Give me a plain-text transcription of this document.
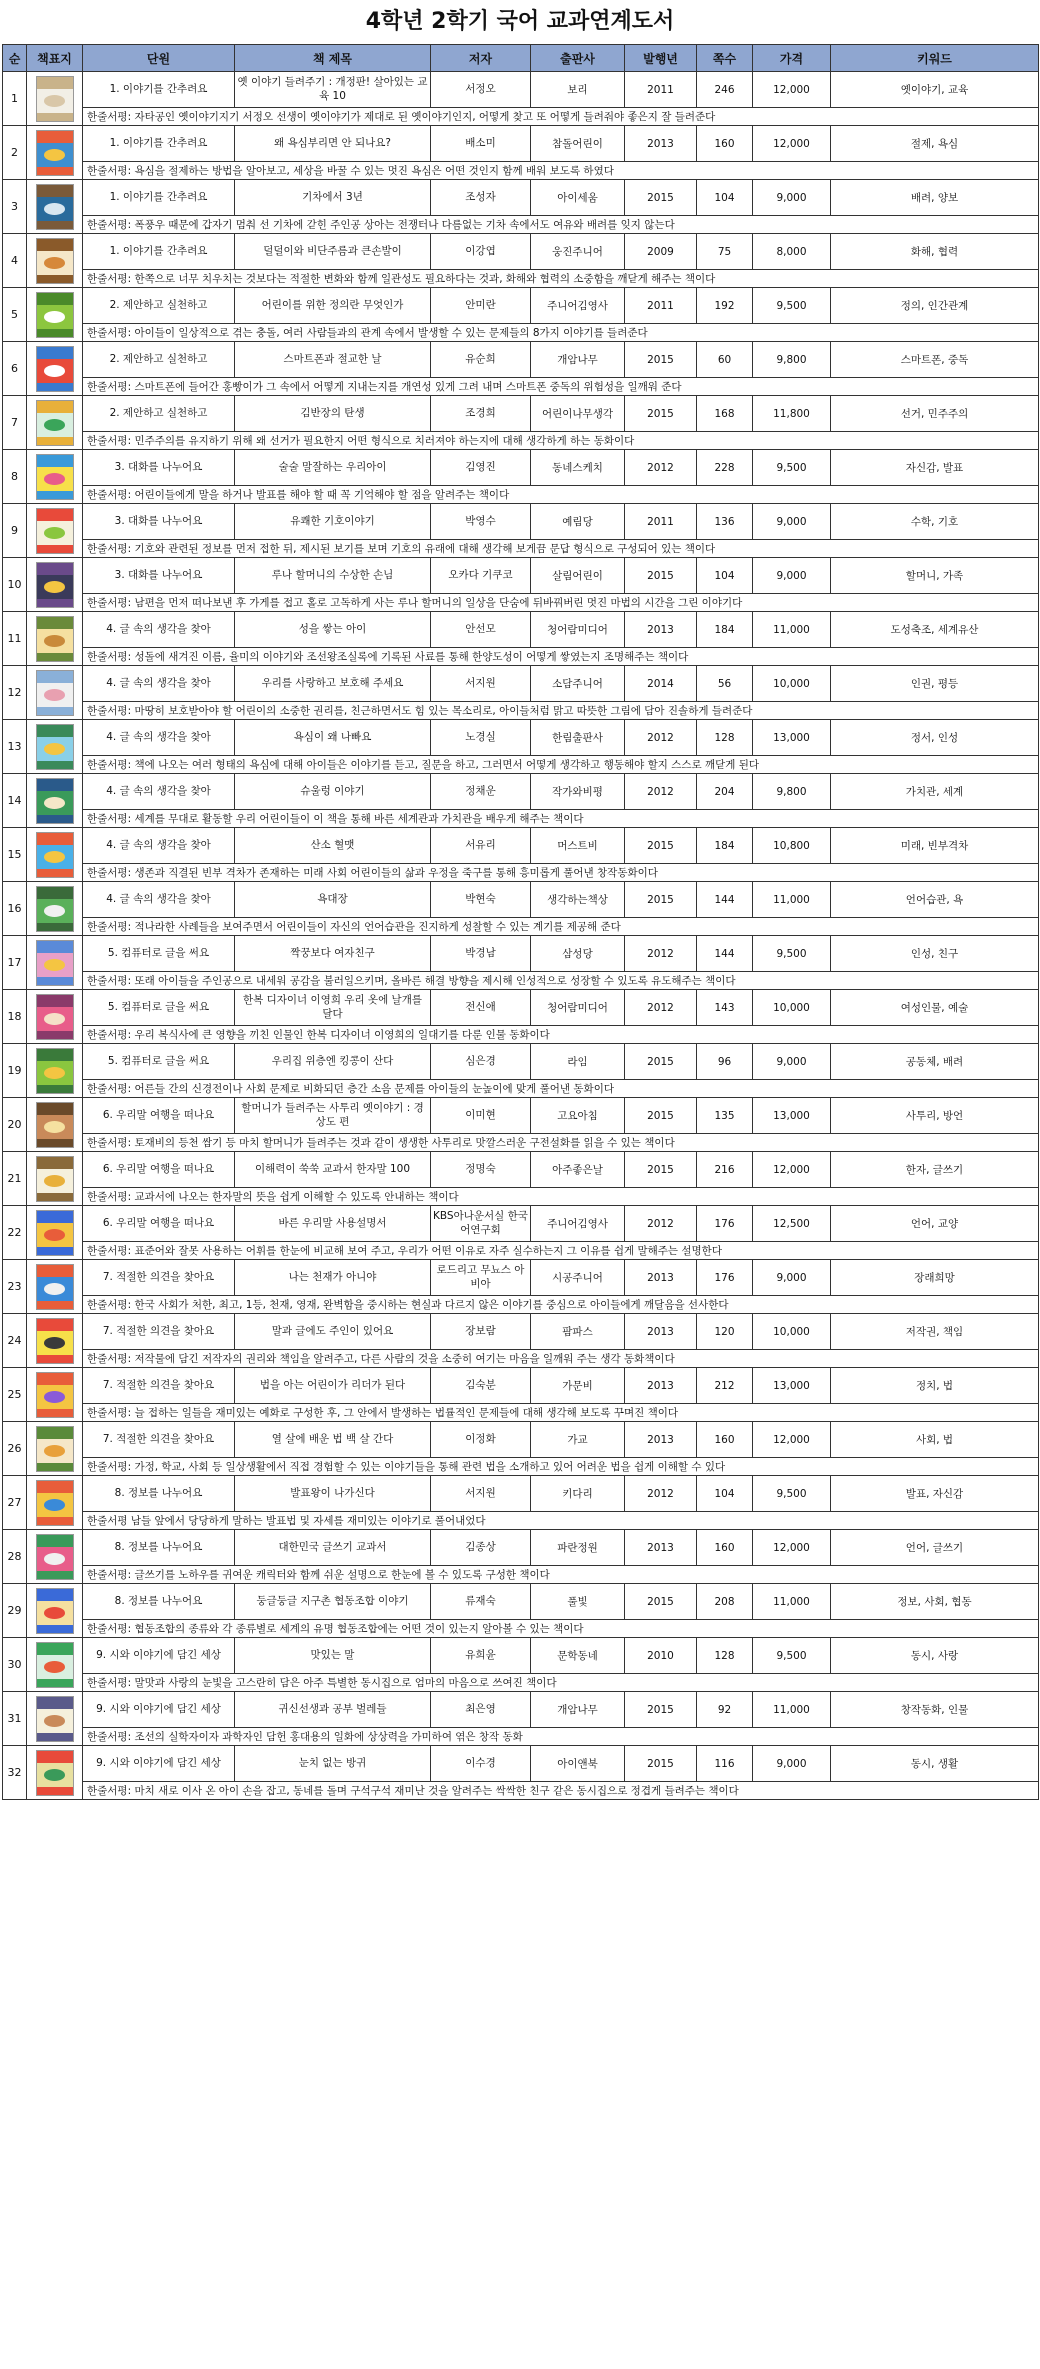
4학년 2학기 국어 교과연계도서
순	책표지	단원	책 제목	저자	출판사	발행년	쪽수	가격	키워드
1		1. 이야기를 간추려요	옛 이야기 들려주기 : 개정판! 살아있는 교육 10	서정오	보리	2011	246	12,000	옛이야기, 교육
		한줄서평: 자타공인 옛이야기지기 서정오 선생이 옛이야기가 제대로 된 옛이야기인지, 어떻게 찾고 또 어떻게 들려줘야 좋은지 잘 들려준다							
2		1. 이야기를 간추려요	왜 욕심부리면 안 되나요?	배소미	참돌어린이	2013	160	12,000	절제, 욕심
		한줄서평: 욕심을 절제하는 방법을 알아보고, 세상을 바꿀 수 있는 멋진 욕심은 어떤 것인지 함께 배워 보도록 하였다							
3		1. 이야기를 간추려요	기차에서 3년	조성자	아이세움	2015	104	9,000	배려, 양보
		한줄서평: 폭풍우 때문에 갑자기 멈춰 선 기차에 갇힌 주인공 상아는 전쟁터나 다름없는 기차 속에서도 여유와 배려를 잊지 않는다							
4		1. 이야기를 간추려요	덜덜이와 비단주름과 큰손발이	이강엽	웅진주니어	2009	75	8,000	화해, 협력
		한줄서평: 한쪽으로 너무 치우치는 것보다는 적절한 변화와 함께 일관성도 필요하다는 것과, 화해와 협력의 소중함을 깨닫게 해주는 책이다							
5		2. 제안하고 실천하고	어린이를 위한 정의란 무엇인가	안미란	주니어김영사	2011	192	9,500	정의, 인간관계
		한줄서평: 아이들이 일상적으로 겪는 충돌, 여러 사람들과의 관계 속에서 발생할 수 있는 문제들의 8가지 이야기를 들려준다							
6		2. 제안하고 실천하고	스마트폰과 절교한 날	유순희	개암나무	2015	60	9,800	스마트폰, 중독
		한줄서평: 스마트폰에 들어간 홍빵이가 그 속에서 어떻게 지내는지를 개연성 있게 그려 내며 스마트폰 중독의 위험성을 일깨워 준다							
7		2. 제안하고 실천하고	김반장의 탄생	조경희	어린이나무생각	2015	168	11,800	선거, 민주주의
		한줄서평: 민주주의를 유지하기 위해 왜 선거가 필요한지 어떤 형식으로 치러져야 하는지에 대해 생각하게 하는 동화이다							
8		3. 대화를 나누어요	술술 말잘하는 우리아이	김영진	동네스케치	2012	228	9,500	자신감, 발표
		한줄서평: 어린이들에게 말을 하거나 발표를 해야 할 때 꼭 기억해야 할 점을 알려주는 책이다							
9		3. 대화를 나누어요	유쾌한 기호이야기	박영수	예림당	2011	136	9,000	수학, 기호
		한줄서평: 기호와 관련된 정보를 먼저 접한 뒤, 제시된 보기를 보며 기호의 유래에 대해 생각해 보게끔 문답 형식으로 구성되어 있는 책이다							
10		3. 대화를 나누어요	루나 할머니의 수상한 손님	오카다 기쿠코	살림어린이	2015	104	9,000	할머니, 가족
		한줄서평: 남편을 먼저 떠나보낸 후 가게를 접고 홀로 고독하게 사는 루나 할머니의 일상을 단숨에 뒤바꿔버린 멋진 마법의 시간을 그린 이야기다							
11		4. 글 속의 생각을 찾아	성을 쌓는 아이	안선모	청어람미디어	2013	184	11,000	도성축조, 세계유산
		한줄서평: 성돌에 새겨진 이름, 율미의 이야기와 조선왕조실록에 기록된 사료를 통해 한양도성이 어떻게 쌓였는지 조명해주는 책이다							
12		4. 글 속의 생각을 찾아	우리를 사랑하고 보호해 주세요	서지원	소담주니어	2014	56	10,000	인권, 평등
		한줄서평: 마땅히 보호받아야 할 어린이의 소중한 권리를, 친근하면서도 힘 있는 목소리로, 아이들처럼 맑고 따뜻한 그림에 담아 진솔하게 들려준다							
13		4. 글 속의 생각을 찾아	욕심이 왜 나빠요	노경실	한림출판사	2012	128	13,000	정서, 인성
		한줄서평: 책에 나오는 여러 형태의 욕심에 대해 아이들은 이야기를 듣고, 질문을 하고, 그러면서 어떻게 생각하고 행동해야 할지 스스로 깨닫게 된다							
14		4. 글 속의 생각을 찾아	슈울렁 이야기	정채운	작가와비평	2012	204	9,800	가치관, 세계
		한줄서평: 세계를 무대로 활동할 우리 어린이들이 이 책을 통해 바른 세계관과 가치관을 배우게 해주는 책이다							
15		4. 글 속의 생각을 찾아	산소 혈맷	서유리	머스트비	2015	184	10,800	미래, 빈부격차
		한줄서평: 생존과 직결된 빈부 격차가 존재하는 미래 사회 어린이들의 삶과 우정을 죽구를 통해 흥미롭게 풀어낸 창작동화이다							
16		4. 글 속의 생각을 찾아	욕대장	박현숙	생각하는책상	2015	144	11,000	언어습관, 욕
		한줄서평: 적나라한 사례들을 보여주면서 어린이들이 자신의 언어습관을 진지하게 성찰할 수 있는 계기를 제공해 준다							
17		5. 컴퓨터로 글을 써요	짝꿍보다 여자친구	박경남	삼성당	2012	144	9,500	인성, 친구
		한줄서평: 또래 아이들을 주인공으로 내세워 공감을 불러일으키며, 올바른 해결 방향을 제시해 인성적으로 성장할 수 있도록 유도해주는 책이다							
18		5. 컴퓨터로 글을 써요	한복 디자이너 이영희 우리 옷에 날개를 달다	전신애	청어람미디어	2012	143	10,000	여성인물, 예술
		한줄서평: 우리 복식사에 큰 영향을 끼친 인물인 한복 디자이너 이영희의 일대기를 다룬 인물 동화이다							
19		5. 컴퓨터로 글을 써요	우리집 위층엔 킹콩이 산다	심은경	라임	2015	96	9,000	공동체, 배려
		한줄서평: 어른들 간의 신경전이나 사회 문제로 비화되던 층간 소음 문제를 아이들의 눈높이에 맞게 풀어낸 동화이다							
20		6. 우리말 여행을 떠나요	할머니가 들려주는 사투리 옛이야기 : 경상도 편	이미현	고요아침	2015	135	13,000	사투리, 방언
		한줄서평: 토재비의 등천 쌈기 등 마치 할머니가 들려주는 것과 같이 생생한 사투리로 맛깔스러운 구전설화를 읽을 수 있는 책이다							
21		6. 우리말 여행을 떠나요	이해력이 쑥쑥 교과서 한자말 100	정명숙	아주좋은날	2015	216	12,000	한자, 글쓰기
		한줄서평: 교과서에 나오는 한자말의 뜻을 쉽게 이해할 수 있도록 안내하는 책이다							
22		6. 우리말 여행을 떠나요	바른 우리말 사용설명서	KBS아나운서실 한국어연구회	주니어김영사	2012	176	12,500	언어, 교양
		한줄서평: 표준어와 잘못 사용하는 어휘를 한눈에 비교해 보여 주고, 우리가 어떤 이유로 자주 실수하는지 그 이유를 쉽게 말해주는 설명한다							
23		7. 적절한 의견을 찾아요	나는 천재가 아니야	로드리고 무뇨스 아비아	시공주니어	2013	176	9,000	장래희망
		한줄서평: 한국 사회가 처한, 최고, 1등, 천재, 영재, 완벽함을 중시하는 현실과 다르지 않은 이야기를 중심으로 아이들에게 깨달음을 선사한다							
24		7. 적절한 의견을 찾아요	말과 글에도 주인이 있어요	장보람	팜파스	2013	120	10,000	저작권, 책임
		한줄서평: 저작물에 담긴 저작자의 권리와 책임을 알려주고, 다른 사람의 것을 소중히 여기는 마음을 일깨워 주는 생각 동화책이다							
25		7. 적절한 의견을 찾아요	법을 아는 어린이가 리더가 된다	김숙분	가문비	2013	212	13,000	정치, 법
		한줄서평: 늘 접하는 일들을 재미있는 예화로 구성한 후, 그 안에서 발생하는 법률적인 문제들에 대해 생각해 보도록 꾸며진 책이다							
26		7. 적절한 의견을 찾아요	열 살에 배운 법 백 살 간다	이정화	가교	2013	160	12,000	사회, 법
		한줄서평: 가정, 학교, 사회 등 일상생활에서 직접 경험할 수 있는 이야기들을 통해 관련 법을 소개하고 있어 어려운 법을 쉽게 이해할 수 있다							
27		8. 정보를 나누어요	발표왕이 나가신다	서지원	키다리	2012	104	9,500	발표, 자신감
		한줄서평 남들 앞에서 당당하게 말하는 발표법 및 자세를 재미있는 이야기로 풀어내었다							
28		8. 정보를 나누어요	대한민국 글쓰기 교과서	김종상	파란정원	2013	160	12,000	언어, 글쓰기
		한줄서평: 글쓰기를 노하우를 귀여운 캐릭터와 함께 쉬운 설명으로 한눈에 볼 수 있도록 구성한 책이다							
29		8. 정보를 나누어요	둥글둥글 지구촌 협동조합 이야기	류재숙	풀빛	2015	208	11,000	정보, 사회, 협동
		한줄서평: 협동조합의 종류와 각 종류별로 세계의 유명 협동조합에는 어떤 것이 있는지 알아볼 수 있는 책이다							
30		9. 시와 이야기에 담긴 세상	맛있는 말	유희윤	문학동네	2010	128	9,500	동시, 사랑
		한줄서평: 말맛과 사랑의 눈빛을 고스란히 담은 아주 특별한 동시집으로 엄마의 마음으로 쓰여진 책이다							
31		9. 시와 이야기에 담긴 세상	귀신선생과 공부 벌레들	최은영	개암나무	2015	92	11,000	창작동화, 인물
		한줄서평: 조선의 실학자이자 과학자인 담헌 홍대용의 일화에 상상력을 가미하여 엮은 창작 동화							
32		9. 시와 이야기에 담긴 세상	눈치 없는 방귀	이수경	아이앤북	2015	116	9,000	동시, 생활
		한줄서평: 마치 새로 이사 온 아이 손을 잡고, 동네를 돌며 구석구석 재미난 것을 알려주는 싹싹한 친구 같은 동시집으로 정겹게 들려주는 책이다							
